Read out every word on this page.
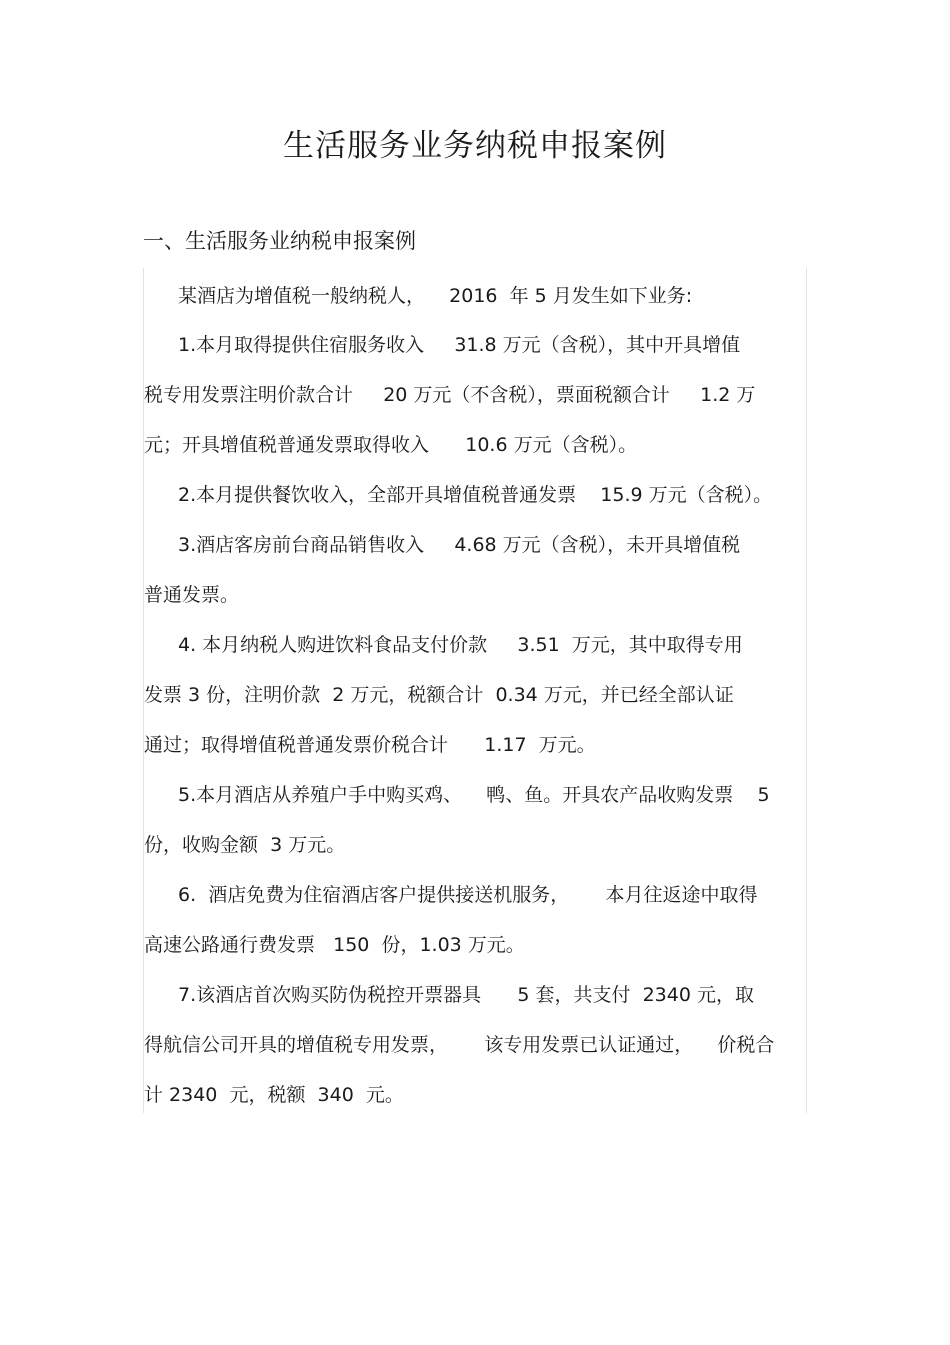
生活服务业务纳税申报案例
一、生活服务业纳税申报案例
某酒店为增值税一般纳税人，    2016  年 5 月发生如下业务:
1.本月取得提供住宿服务收入     31.8 万元（含税），其中开具增值
税专用发票注明价款合计     20 万元（不含税），票面税额合计     1.2 万
元；开具增值税普通发票取得收入      10.6 万元（含税）。
2.本月提供餐饮收入，全部开具增值税普通发票    15.9 万元（含税）。
3.酒店客房前台商品销售收入     4.68 万元（含税），未开具增值税
普通发票。
4. 本月纳税人购进饮料食品支付价款     3.51  万元，其中取得专用
发票 3 份，注明价款  2 万元，税额合计  0.34 万元，并已经全部认证
通过；取得增值税普通发票价税合计      1.17  万元。
5.本月酒店从养殖户手中购买鸡、    鸭、鱼。开具农产品收购发票    5
份，收购金额  3 万元。
6.  酒店免费为住宿酒店客户提供接送机服务，      本月往返途中取得
高速公路通行费发票   150  份，1.03 万元。
7.该酒店首次购买防伪税控开票器具      5 套，共支付  2340 元，取
得航信公司开具的增值税专用发票，      该专用发票已认证通过，    价税合
计 2340  元，税额  340  元。
